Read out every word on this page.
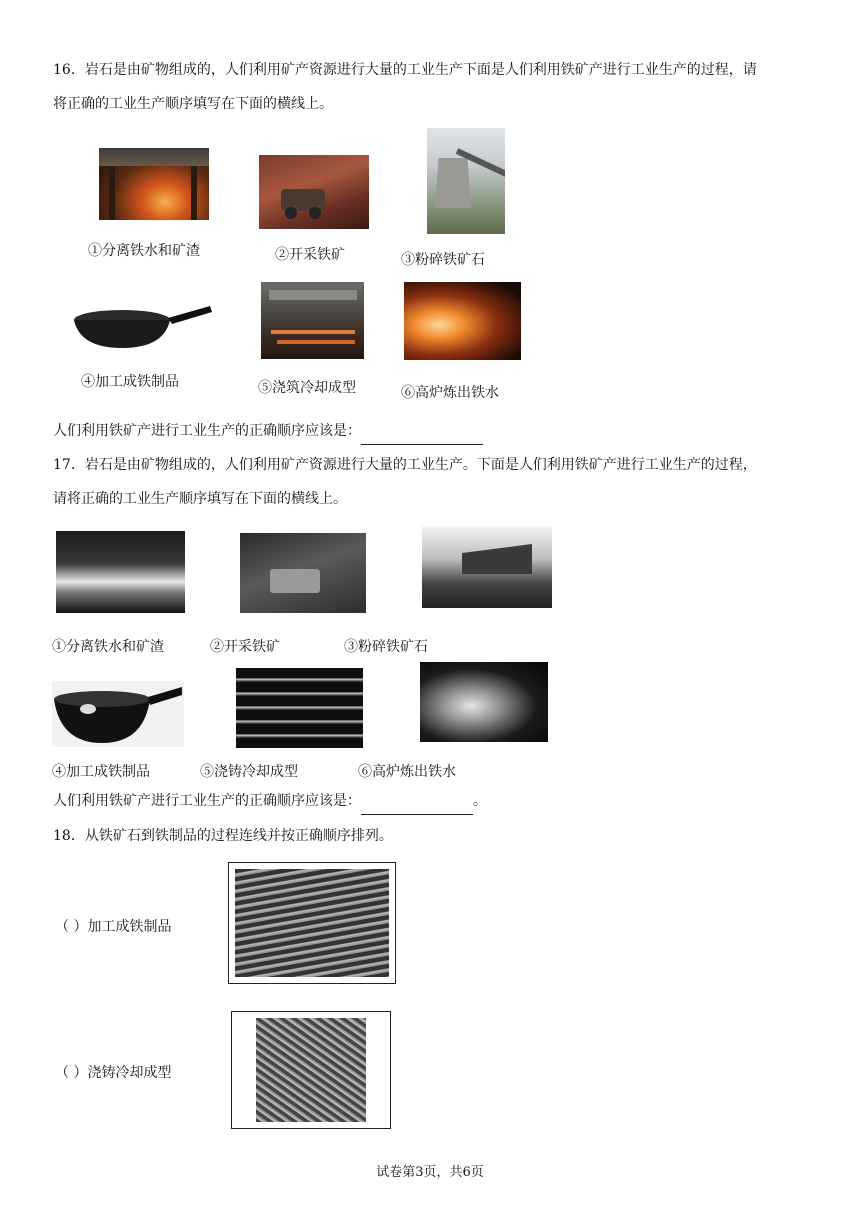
16．岩石是由矿物组成的，人们利用矿产资源进行大量的工业生产下面是人们利用铁矿产进行工业生产的过程，请
将正确的工业生产顺序填写在下面的横线上。
①分离铁水和矿渣	②开采铁矿	③粉碎铁矿石
④加工成铁制品	⑤浇筑冷却成型	⑥高炉炼出铁水
人们利用铁矿产进行工业生产的正确顺序应该是：
17．岩石是由矿物组成的，人们利用矿产资源进行大量的工业生产。下面是人们利用铁矿产进行工业生产的过程，
请将正确的工业生产顺序填写在下面的横线上。
①分离铁水和矿渣	②开采铁矿	③粉碎铁矿石
④加工成铁制品	⑤浇铸冷却成型	⑥高炉炼出铁水
人们利用铁矿产进行工业生产的正确顺序应该是：	。
18．从铁矿石到铁制品的过程连线并按正确顺序排列。
（ ）加工成铁制品
（ ）浇铸冷却成型
试卷第3页，共6页
